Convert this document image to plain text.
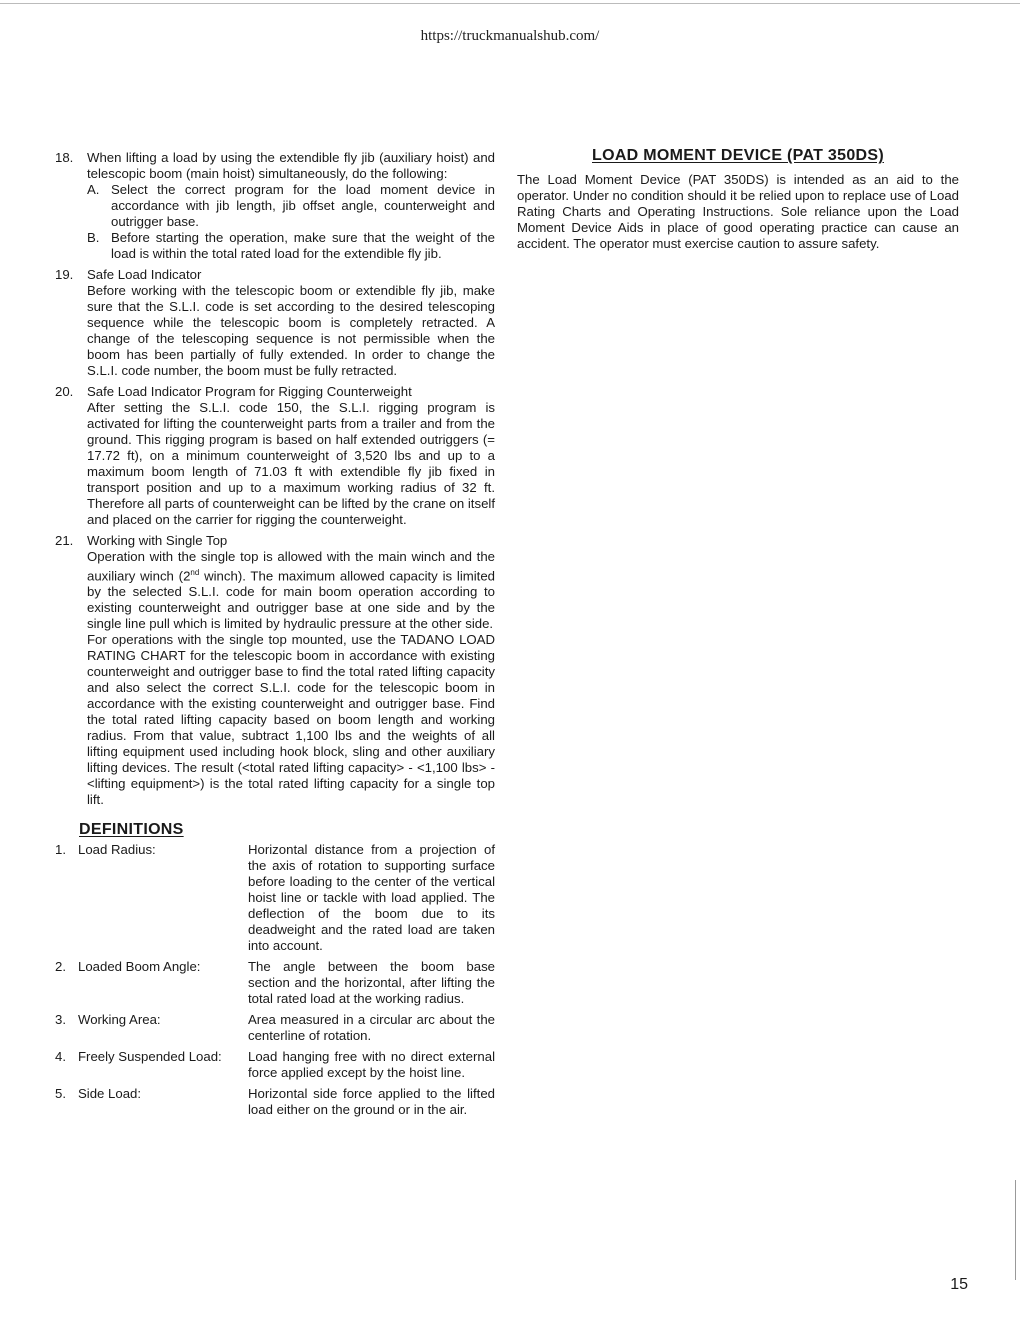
https://truckmanualshub.com/
18.	When lifting a load by using the extendible fly jib (auxiliary hoist) and telescopic boom (main hoist) simultaneously, do the following:

A. Select the correct program for the load moment device in accordance with jib length, jib offset angle, counterweight and outrigger base.
B. Before starting the operation, make sure that the weight of the load is within the total rated load for the extendible fly jib.
19.	Safe Load Indicator

Before working with the telescopic boom or extendible fly jib, make sure that the S.L.I. code is set according to the desired telescoping sequence while the telescopic boom is completely retracted. A change of the telescoping sequence is not permissible when the boom has been partially of fully extended. In order to change the S.L.I. code number, the boom must be fully retracted.

20.	Safe Load Indicator Program for Rigging Counterweight

After setting the S.L.I. code 150, the S.L.I. rigging program is activated for lifting the counterweight parts from a trailer and from the ground. This rigging program is based on half extended outriggers (= 17.72 ft), on a minimum counterweight of 3,520 lbs and up to a maximum boom length of 71.03 ft with extendible fly jib fixed in transport position and up to a maximum working radius of 32 ft. Therefore all parts of counterweight can be lifted by the crane on itself and placed on the carrier for rigging the counterweight.

21.	Working with Single Top

Operation with the single top is allowed with the main winch and the auxiliary winch (2nd winch). The maximum allowed capacity is limited by the selected S.L.I. code for main boom operation according to existing counterweight and outrigger base at one side and by the single line pull which is limited by hydraulic pressure at the other side.

For operations with the single top mounted, use the TADANO LOAD RATING CHART for the telescopic boom in accordance with existing counterweight and outrigger base to find the total rated lifting capacity and also select the correct S.L.I. code for the telescopic boom in accordance with the existing counterweight and outrigger base. Find the total rated lifting capacity based on boom length and working radius. From that value, subtract 1,100 lbs and the weights of all lifting equipment used including hook block, sling and other auxiliary lifting devices. The result (<total rated lifting capacity> - <1,100 lbs> - <lifting equipment>) is the total rated lifting capacity for a single top lift.

DEFINITIONS
1. Load Radius:	Horizontal distance from a projection of the axis of rotation to supporting surface before loading to the center of the vertical hoist line or tackle with load applied. The deflection of the boom due to its deadweight and the rated load are taken into account.
2. Loaded Boom Angle:	The angle between the boom base section and the horizontal, after lifting the total rated load at the working radius.
3. Working Area:	Area measured in a circular arc about the centerline of rotation.
4. Freely Suspended Load:	Load hanging free with no direct external force applied except by the hoist line.
5. Side Load:	Horizontal side force applied to the lifted load either on the ground or in the air.
LOAD MOMENT DEVICE (PAT 350DS)
The Load Moment Device (PAT 350DS) is intended as an aid to the operator. Under no condition should it be relied upon to replace use of Load Rating Charts and Operating Instructions. Sole reliance upon the Load Moment Device Aids in place of good operating practice can cause an accident. The operator must exercise caution to assure safety.
15
